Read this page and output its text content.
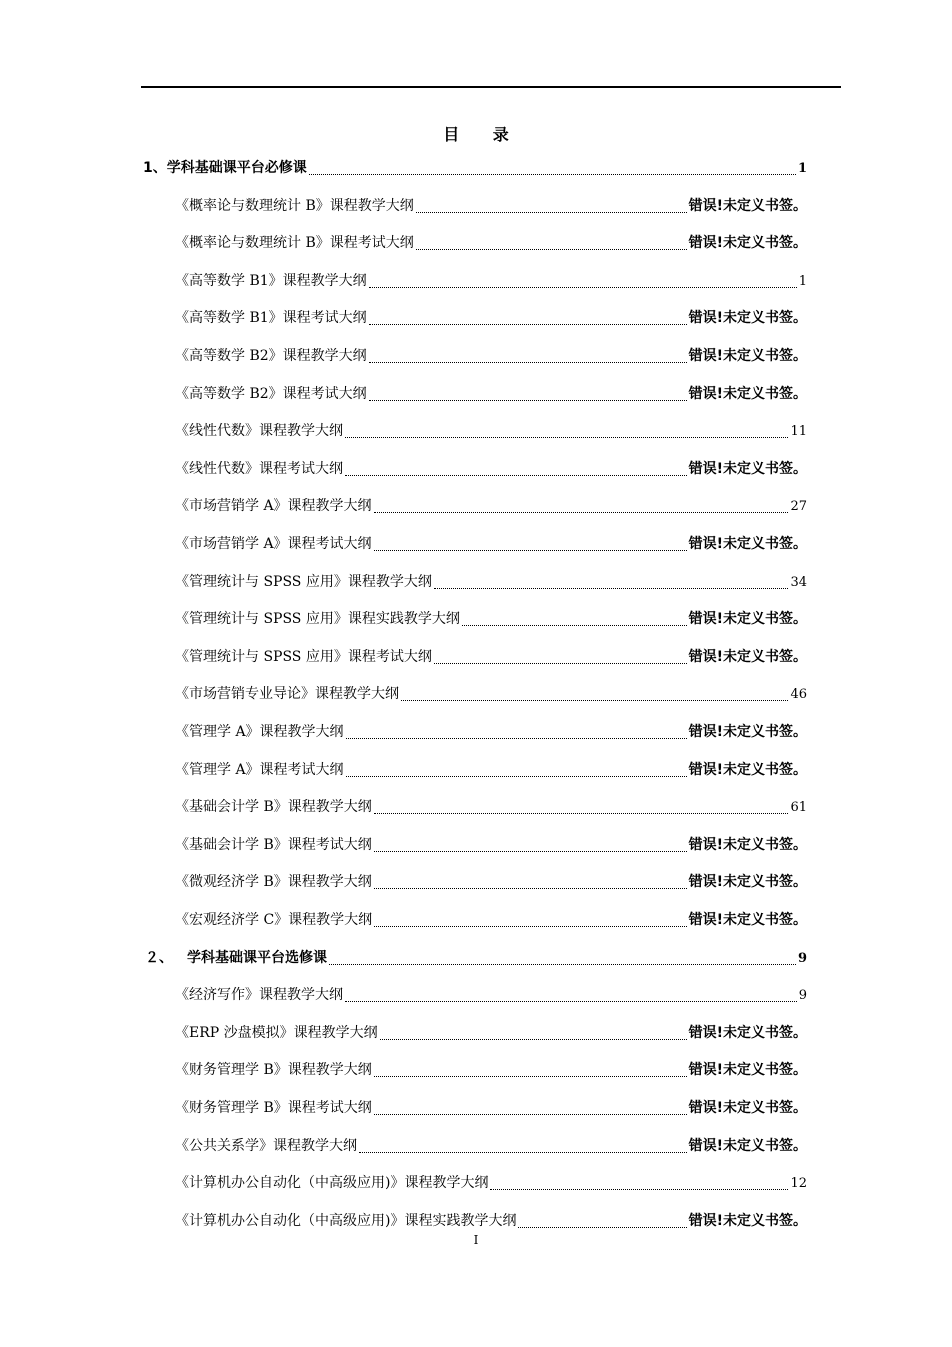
目 录
1、 学科基础课平台必修课	1
《概率论与数理统计 B》课程教学大纲	错误!未定义书签。
《概率论与数理统计 B》课程考试大纲	错误!未定义书签。
《高等数学 B1》课程教学大纲	1
《高等数学 B1》课程考试大纲	错误!未定义书签。
《高等数学 B2》课程教学大纲	错误!未定义书签。
《高等数学 B2》课程考试大纲	错误!未定义书签。
《线性代数》课程教学大纲	11
《线性代数》课程考试大纲	错误!未定义书签。
《市场营销学 A》课程教学大纲	27
《市场营销学 A》课程考试大纲	错误!未定义书签。
《管理统计与 SPSS 应用》课程教学大纲	34
《管理统计与 SPSS 应用》课程实践教学大纲	错误!未定义书签。
《管理统计与 SPSS 应用》课程考试大纲	错误!未定义书签。
《市场营销专业导论》课程教学大纲	46
《管理学 A》课程教学大纲	错误!未定义书签。
《管理学 A》课程考试大纲	错误!未定义书签。
《基础会计学 B》课程教学大纲	61
《基础会计学 B》课程考试大纲	错误!未定义书签。
《微观经济学 B》课程教学大纲	错误!未定义书签。
《宏观经济学 C》课程教学大纲	错误!未定义书签。
２、 学科基础课平台选修课	9
《经济写作》课程教学大纲	9
《ERP 沙盘模拟》课程教学大纲	错误!未定义书签。
《财务管理学 B》课程教学大纲	错误!未定义书签。
《财务管理学 B》课程考试大纲	错误!未定义书签。
《公共关系学》课程教学大纲	错误!未定义书签。
《计算机办公自动化（中高级应用)》课程教学大纲	12
《计算机办公自动化（中高级应用)》课程实践教学大纲	错误!未定义书签。
I
